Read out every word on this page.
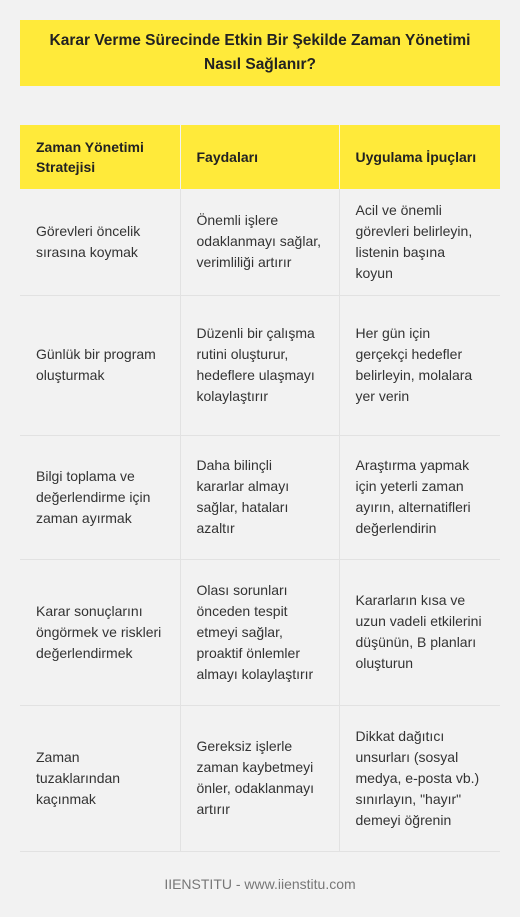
Karar Verme Sürecinde Etkin Bir Şekilde Zaman Yönetimi Nasıl Sağlanır?
Zaman Yönetimi Stratejisi	Faydaları	Uygulama İpuçları
Görevleri öncelik sırasına koymak	Önemli işlere odaklanmayı sağlar, verimliliği artırır	Acil ve önemli görevleri belirleyin, listenin başına koyun
Günlük bir program oluşturmak	Düzenli bir çalışma rutini oluşturur, hedeflere ulaşmayı kolaylaştırır	Her gün için gerçekçi hedefler belirleyin, molalara yer verin
Bilgi toplama ve değerlendirme için zaman ayırmak	Daha bilinçli kararlar almayı sağlar, hataları azaltır	Araştırma yapmak için yeterli zaman ayırın, alternatifleri değerlendirin
Karar sonuçlarını öngörmek ve riskleri değerlendirmek	Olası sorunları önceden tespit etmeyi sağlar, proaktif önlemler almayı kolaylaştırır	Kararların kısa ve uzun vadeli etkilerini düşünün, B planları oluşturun
Zaman tuzaklarından kaçınmak	Gereksiz işlerle zaman kaybetmeyi önler, odaklanmayı artırır	Dikkat dağıtıcı unsurları (sosyal medya, e-posta vb.) sınırlayın, "hayır" demeyi öğrenin
IIENSTITU - www.iienstitu.com
